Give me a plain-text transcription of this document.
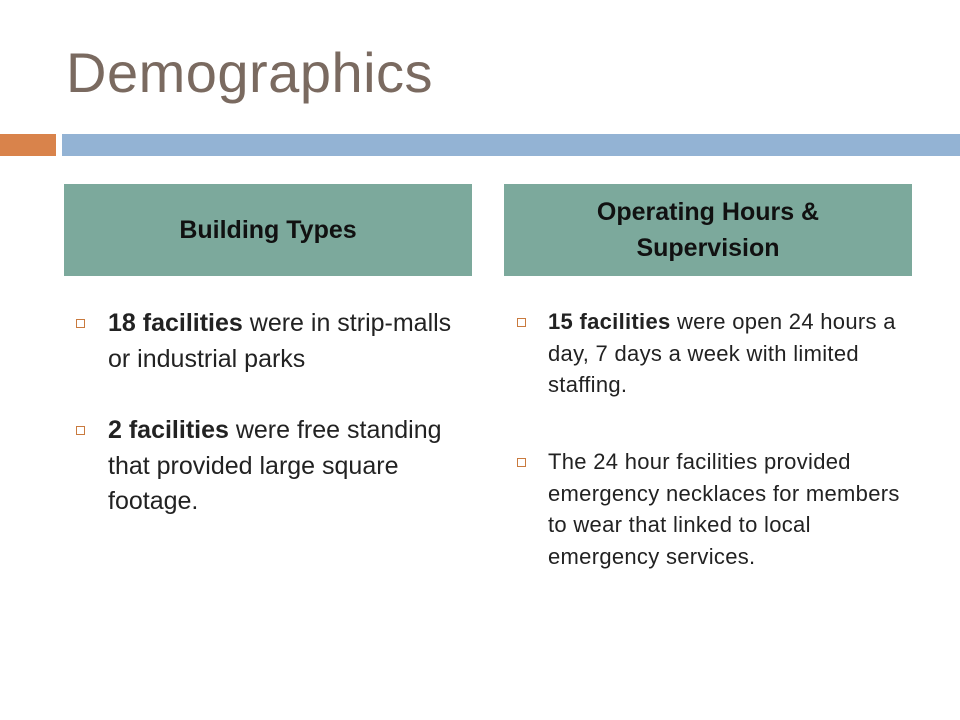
Demographics
Building Types
Operating Hours & Supervision
18 facilities were in strip-malls or industrial parks
2 facilities were free standing that provided large square footage.
15 facilities were open 24 hours a day, 7 days a week with limited staffing.
The 24 hour facilities provided emergency necklaces for members to wear that linked to local emergency services.
